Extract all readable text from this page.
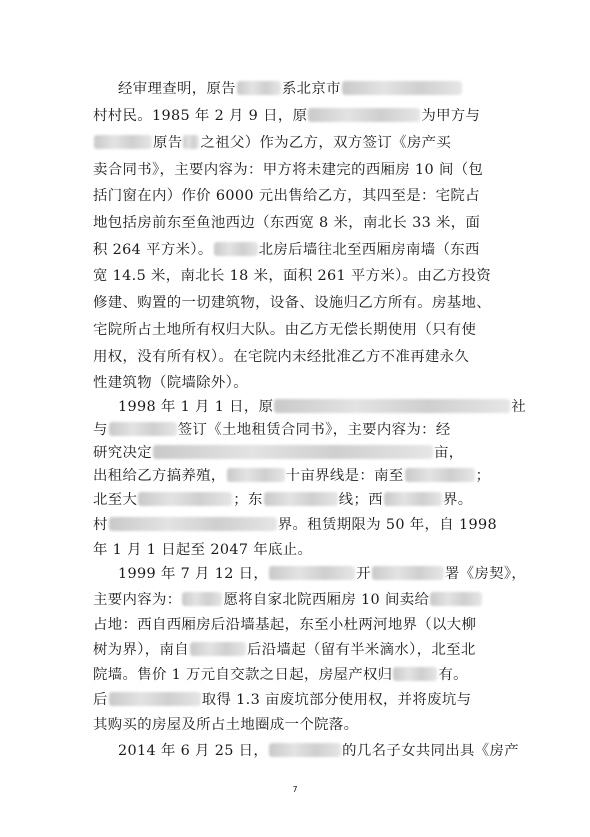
经审理查明，原告	系北京市
村村民。1985 年 2 月 9 日，原	为甲方与
原告 之祖父）作为乙方，双方签订《房产买
卖合同书》，主要内容为：甲方将未建完的西厢房 10 间（包
括门窗在内）作价 6000 元出售给乙方，其四至是：宅院占
地包括房前东至鱼池西边（东西宽 8 米，南北长 33 米，面
积 264 平方米）。	北房后墙往北至西厢房南墙（东西
宽 14.5 米，南北长 18 米，面积 261 平方米）。由乙方投资
修建、购置的一切建筑物，设备、设施归乙方所有。房基地、
宅院所占土地所有权归大队。由乙方无偿长期使用（只有使
用权，没有所有权）。在宅院内未经批准乙方不准再建永久
性建筑物（院墙除外）。
1998 年 1 月 1 日，原	社
与	签订《土地租赁合同书》，主要内容为：经
研究决定	亩，
出租给乙方搞养殖，	十亩界线是：南至	；
北至大	；东	线；西	界。
村	界。租赁期限为 50 年，自 1998
年 1 月 1 日起至 2047 年底止。
1999 年 7 月 12 日，	开	署《房契》，
主要内容为：	愿将自家北院西厢房 10 间卖给
占地：西自西厢房后沿墙基起，东至小杜两河地界（以大柳
树为界），南自	后沿墙起（留有半米滴水），北至北
院墙。售价 1 万元自交款之日起，房屋产权归	有。
后	取得 1.3 亩废坑部分使用权，并将废坑与
其购买的房屋及所占土地圈成一个院落。
2014 年 6 月 25 日，	的几名子女共同出具《房产
7
